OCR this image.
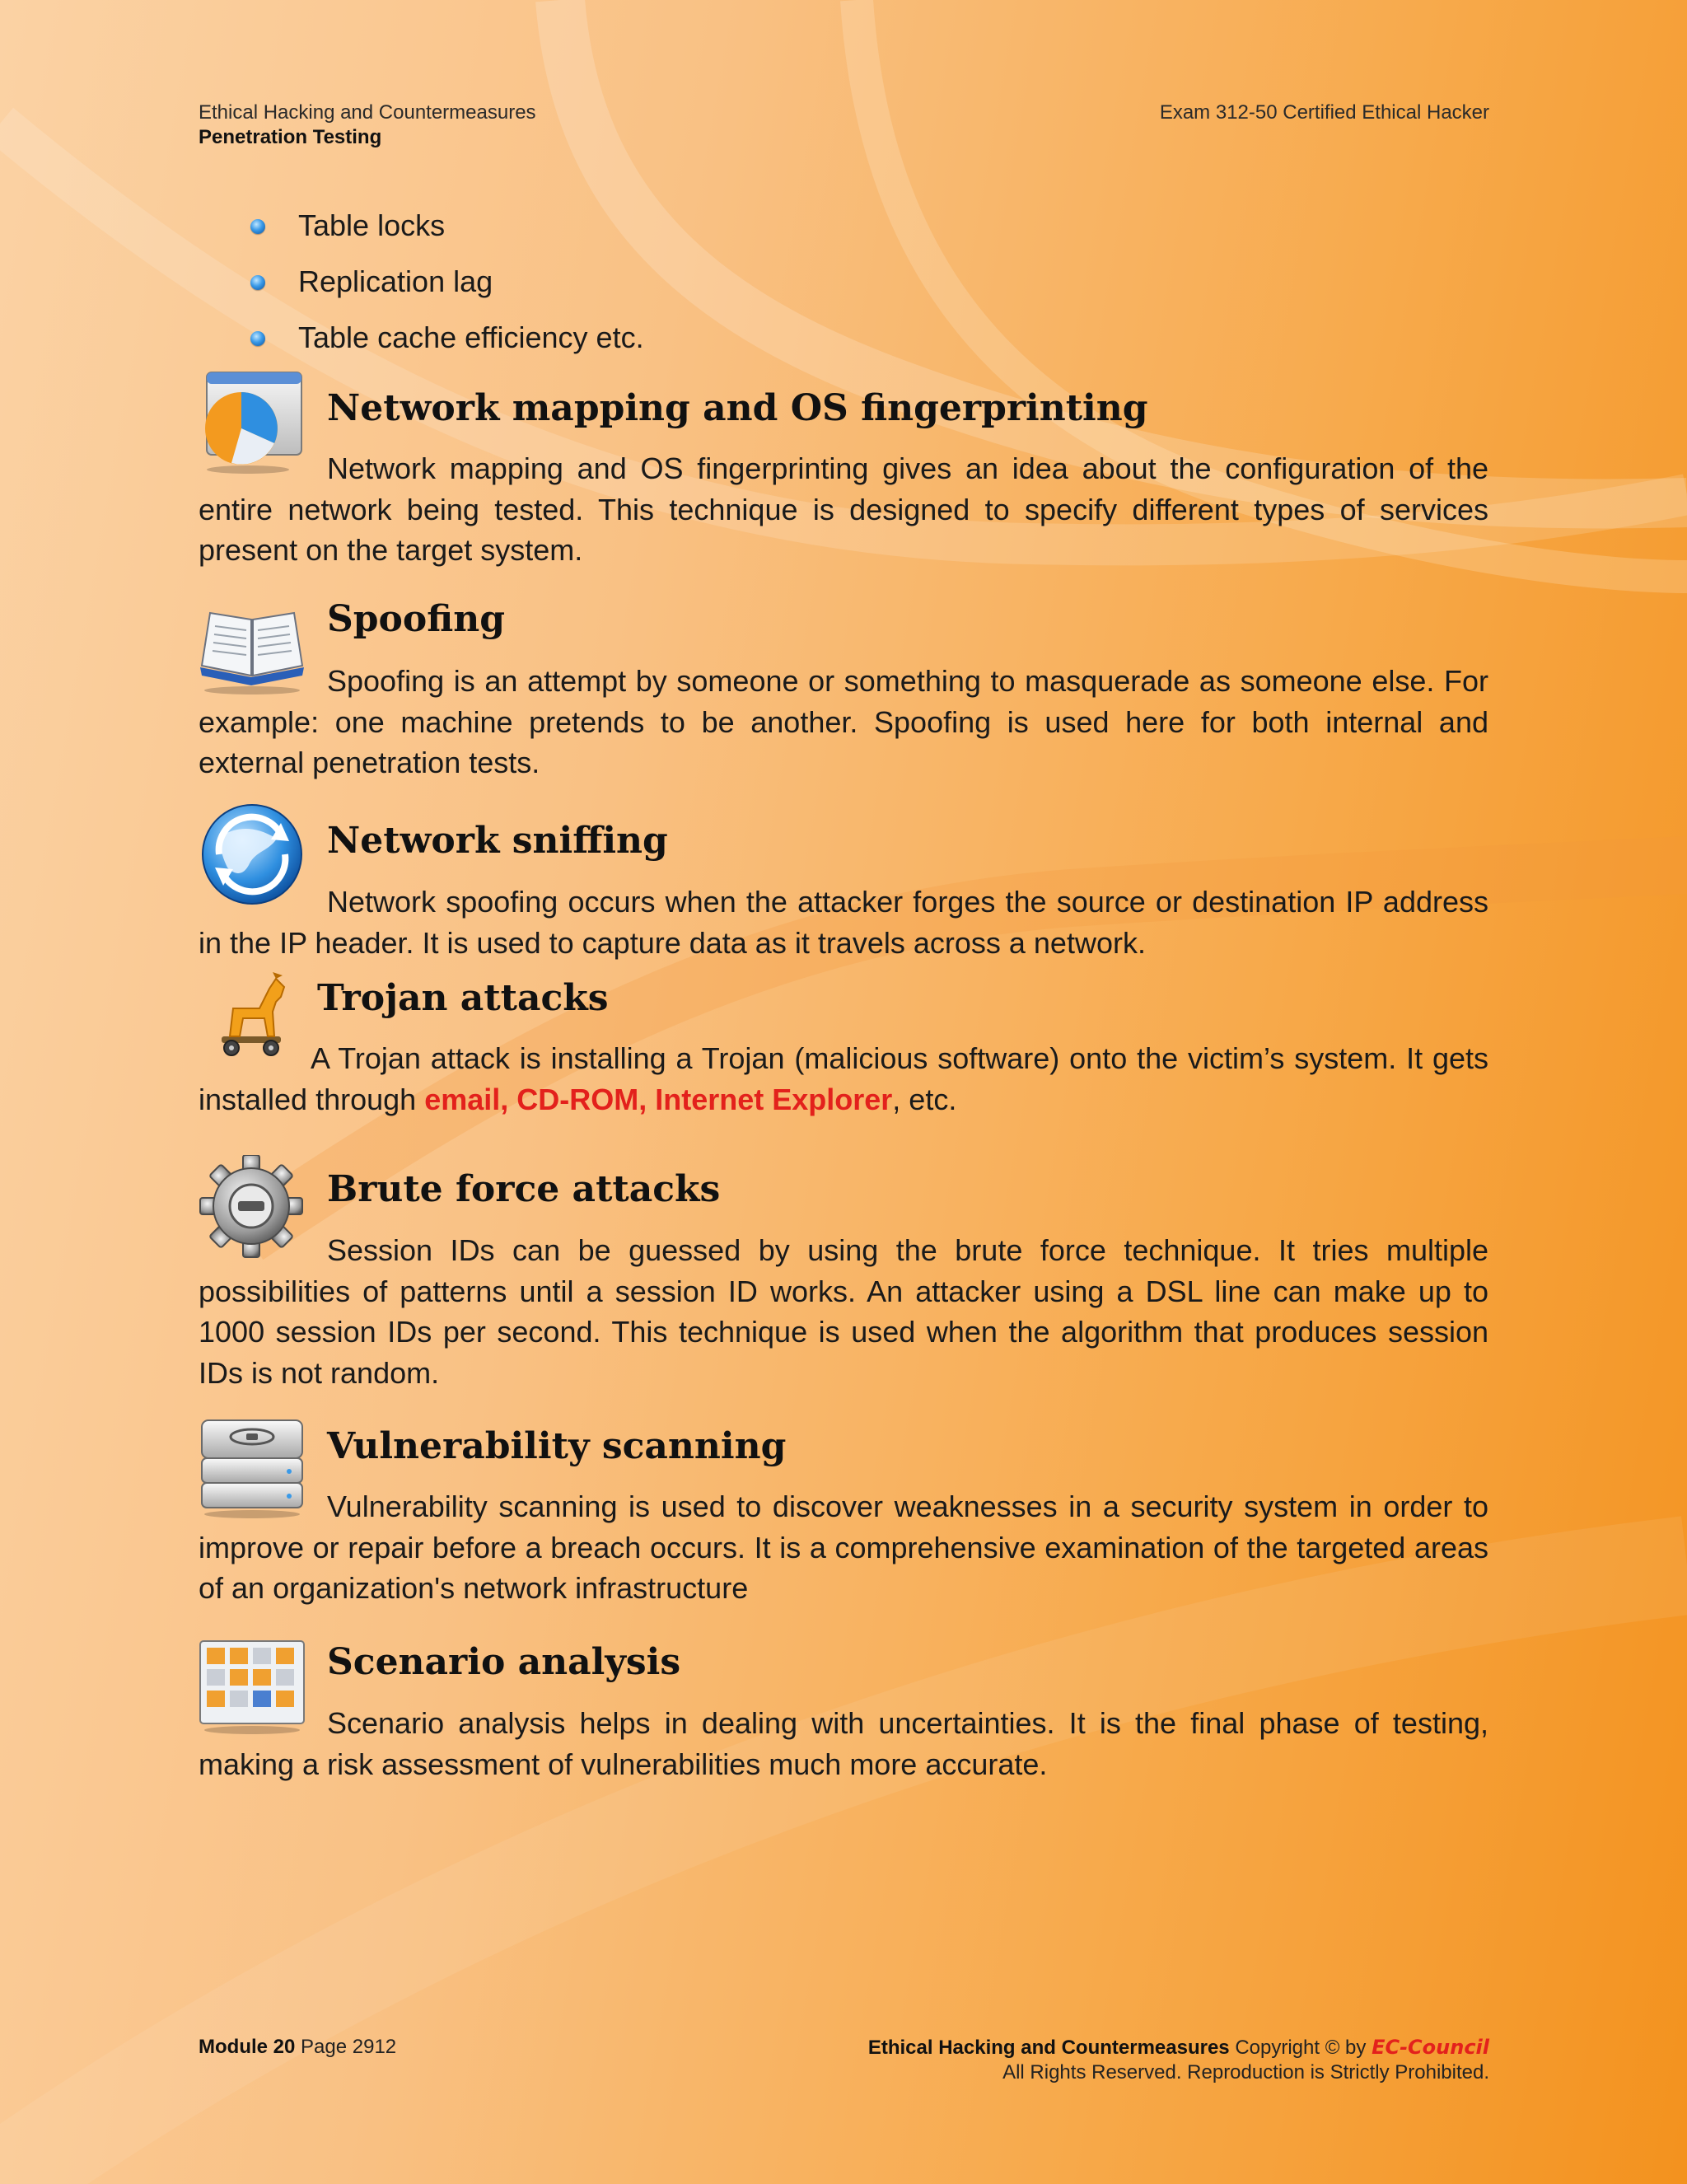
Ethical Hacking and Countermeasures
Penetration Testing
Exam 312-50 Certified Ethical Hacker
Table locks
Replication lag
Table cache efficiency etc.
Network mapping and OS fingerprinting

Network mapping and OS fingerprinting gives an idea about the configuration of the entire network being tested. This technique is designed to specify different types of services present on the target system.

Spoofing

Spoofing is an attempt by someone or something to masquerade as someone else. For example: one machine pretends to be another. Spoofing is used here for both internal and external penetration tests.

Network sniffing

Network spoofing occurs when the attacker forges the source or destination IP address in the IP header. It is used to capture data as it travels across a network.

Trojan attacks

A Trojan attack is installing a Trojan (malicious software) onto the victim’s system. It gets installed through email, CD-ROM, Internet Explorer, etc.

Brute force attacks

Session IDs can be guessed by using the brute force technique. It tries multiple possibilities of patterns until a session ID works. An attacker using a DSL line can make up to 1000 session IDs per second. This technique is used when the algorithm that produces session IDs is not random.

Vulnerability scanning

Vulnerability scanning is used to discover weaknesses in a security system in order to improve or repair before a breach occurs. It is a comprehensive examination of the targeted areas of an organization's network infrastructure

Scenario analysis

Scenario analysis helps in dealing with uncertainties. It is the final phase of testing, making a risk assessment of vulnerabilities much more accurate.

Module 20 Page 2912	Ethical Hacking and Countermeasures Copyright © by EC-Council
All Rights Reserved. Reproduction is Strictly Prohibited.
